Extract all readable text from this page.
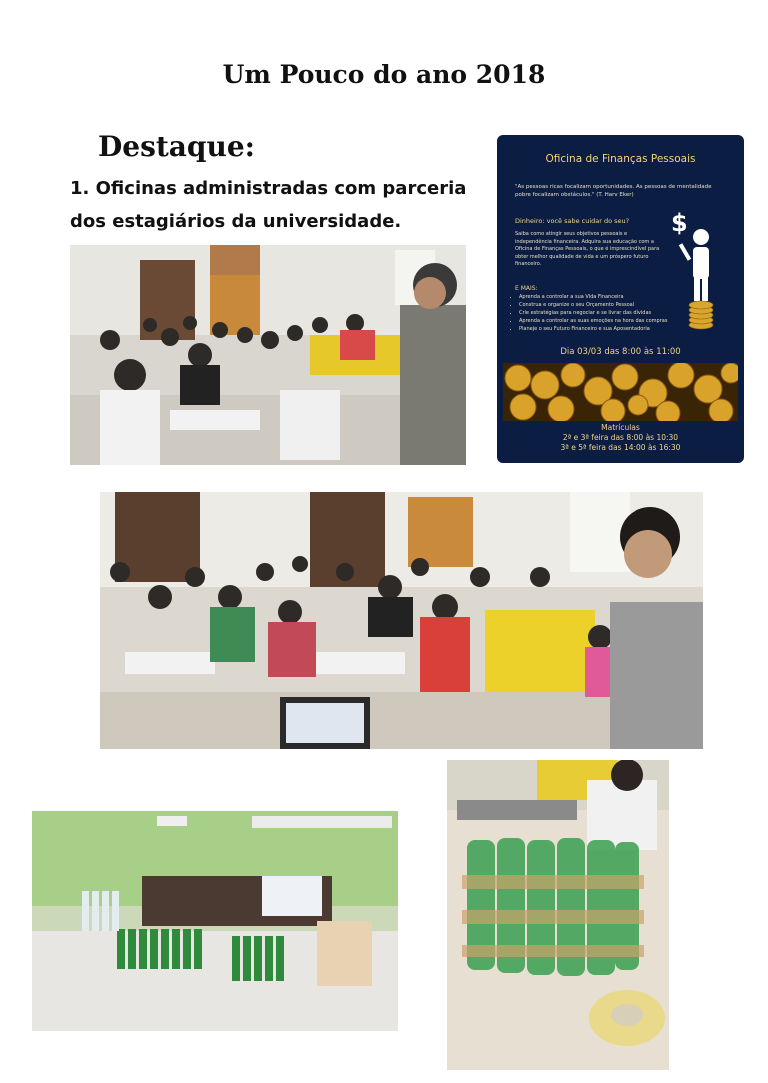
Um Pouco do ano 2018
Destaque:
1. Oficinas administradas com parceria dos estagiários da universidade.
Oficina de Finanças Pessoais
"As pessoas ricas focalizam oportunidades. As pessoas de mentalidade pobre focalizam obstáculos." (T. Harv Eker)
Dinheiro: você sabe cuidar do seu?
Saiba como atingir seus objetivos pessoais e independência financeira. Adquira sua educação com a Oficina de Finanças Pessoais, o que é imprescindível para obter melhor qualidade de vida e um próspero futuro financeiro.
$
E MAIS:
• Aprenda a controlar a sua Vida Financeira
• Construa e organize o seu Orçamento Pessoal
• Crie estratégias para negociar e se livrar das dívidas
• Aprenda a controlar as suas emoções na hora das compras
• Planeje o seu Futuro Financeiro e sua Aposentadoria
Dia 03/03 das 8:00 às 11:00
Matrículas
2ª e 3ª feira das 8:00 às 10:30
3ª e 5ª feira das 14:00 às 16:30
